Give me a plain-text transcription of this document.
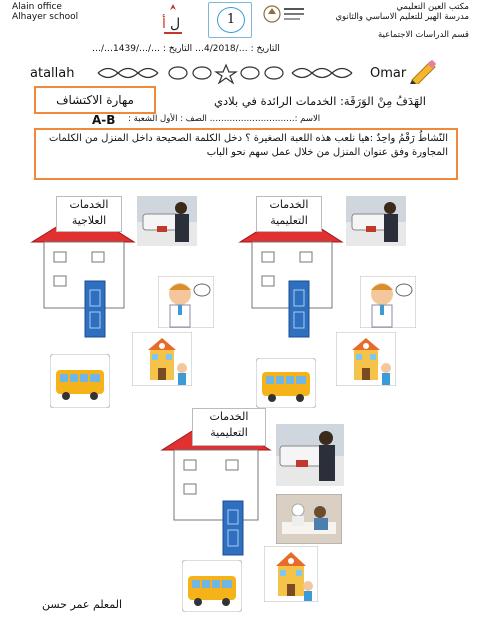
Alain office
Alhayer school	أ ل	1
مكتب العين التعليمي
مدرسة الهير للتعليم الاساسي والثانوي
قسم الدراسات الاجتماعية
التاريخ : …/4/2018… التاريخ : …/…/1439…/…
atallah	Omar
مهارة الاكتشاف	الهَدَفُ مِنْ الوَرَقَة: الخدمات الرائدة في بلادي
الاسم :………………………… الصف : الأول الشعبة :
A-B
النّشاطُ رَقْمُ واحِدٌ :هيا نلعب هذه اللعبة الصغيرة ؟ دخل الكلمة الصحيحة داخل المنزل من الكلمات المجاورة وفق عنوان المنزل من خلال عمل سهم نحو الباب
الخدمات العلاجية
الخدمات التعليمية
الخدمات التعليمية
المعلم عمر حسن
